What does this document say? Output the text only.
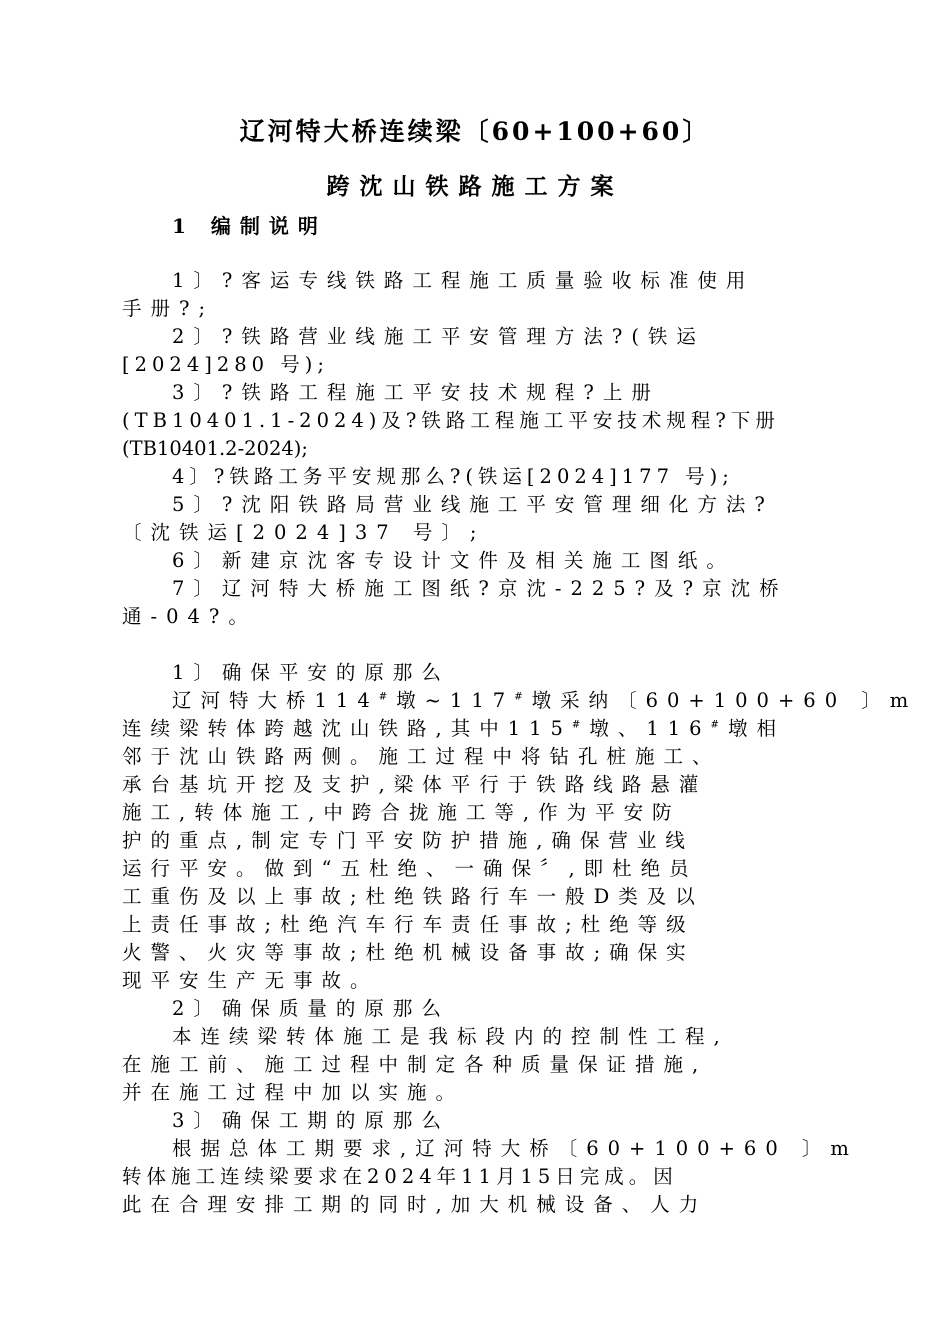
辽河特大桥连续梁〔60+100+60〕
跨沈山铁路施工方案
1 编制说明
1〕?客运专线铁路工程施工质量验收标准使用
手册?;
2〕?铁路营业线施工平安管理方法?(铁运
[2024]280 号);
3〕?铁路工程施工平安技术规程?上册
(TB10401.1-2024)及?铁路工程施工平安技术规程?下册
(TB10401.2-2024);
4〕?铁路工务平安规那么?(铁运[2024]177 号);
5〕?沈阳铁路局营业线施工平安管理细化方法?
〔沈铁运[2024]37 号〕;
6〕新建京沈客专设计文件及相关施工图纸。
7〕辽河特大桥施工图纸?京沈-225?及?京沈桥
通-04?。
1〕确保平安的原那么
辽河特大桥114#墩~117#墩采纳〔60+100+60 〕m
连续梁转体跨越沈山铁路,其中115#墩、116#墩相
邻于沈山铁路两侧。施工过程中将钻孔桩施工、
承台基坑开挖及支护,梁体平行于铁路线路悬灌
施工,转体施工,中跨合拢施工等,作为平安防
护的重点,制定专门平安防护措施,确保营业线
运行平安。做到“五杜绝、一确保〞,即杜绝员
工重伤及以上事故;杜绝铁路行车一般D类及以
上责任事故;杜绝汽车行车责任事故;杜绝等级
火警、火灾等事故;杜绝机械设备事故;确保实
现平安生产无事故。
2〕确保质量的原那么
本连续梁转体施工是我标段内的控制性工程,
在施工前、施工过程中制定各种质量保证措施,
并在施工过程中加以实施。
3〕确保工期的原那么
根据总体工期要求,辽河特大桥〔60+100+60 〕m
转体施工连续梁要求在2024年11月15日完成。因
此在合理安排工期的同时,加大机械设备、人力
